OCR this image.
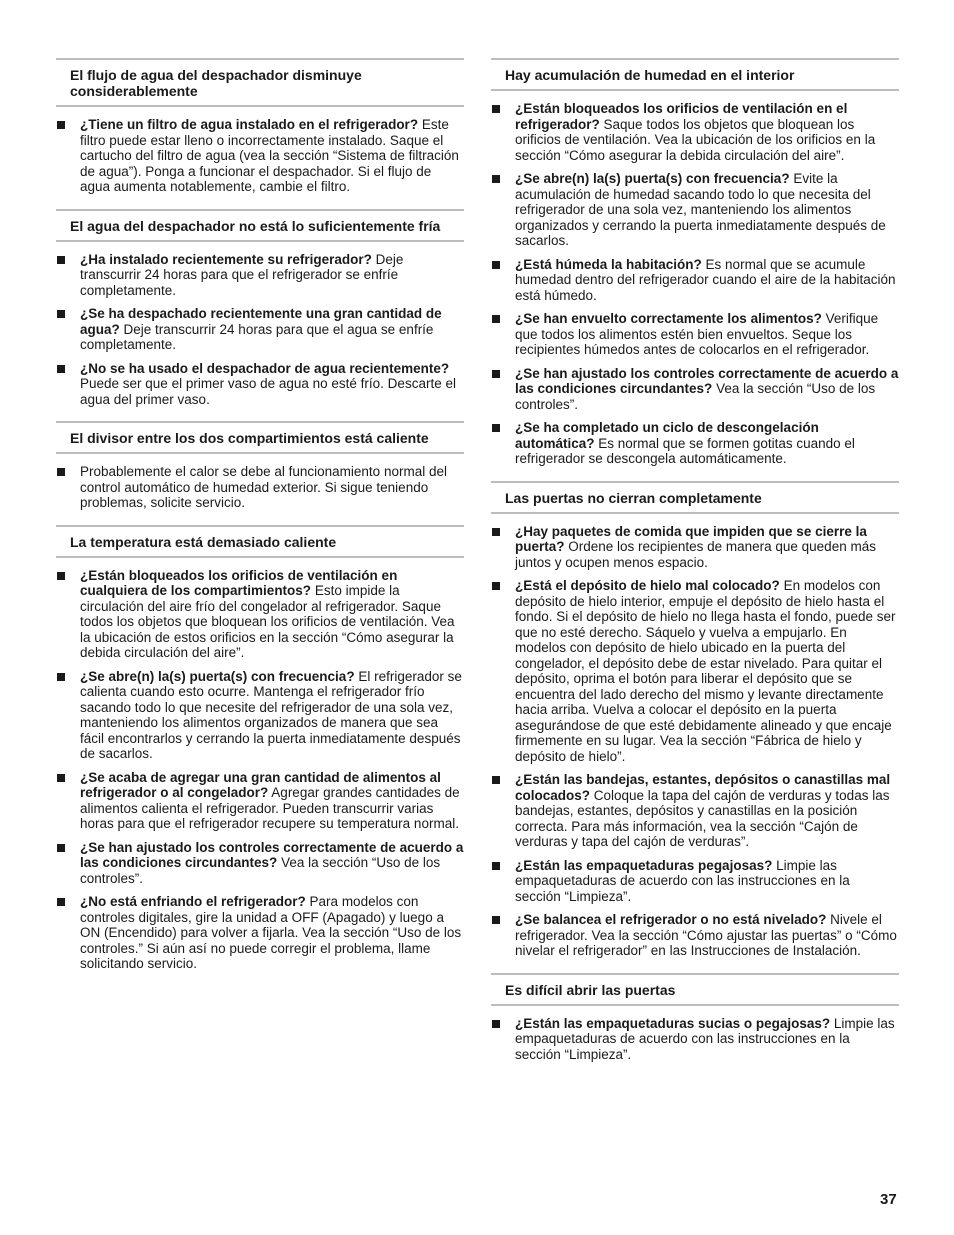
El flujo de agua del despachador disminuye considerablemente
¿Tiene un filtro de agua instalado en el refrigerador? Este filtro puede estar lleno o incorrectamente instalado. Saque el cartucho del filtro de agua (vea la sección “Sistema de filtración de agua”). Ponga a funcionar el despachador. Si el flujo de agua aumenta notablemente, cambie el filtro.
El agua del despachador no está lo suficientemente fría
¿Ha instalado recientemente su refrigerador? Deje transcurrir 24 horas para que el refrigerador se enfríe completamente.
¿Se ha despachado recientemente una gran cantidad de agua? Deje transcurrir 24 horas para que el agua se enfríe completamente.
¿No se ha usado el despachador de agua recientemente? Puede ser que el primer vaso de agua no esté frío. Descarte el agua del primer vaso.
El divisor entre los dos compartimientos está caliente
Probablemente el calor se debe al funcionamiento normal del control automático de humedad exterior. Si sigue teniendo problemas, solicite servicio.
La temperatura está demasiado caliente
¿Están bloqueados los orificios de ventilación en cualquiera de los compartimientos? Esto impide la circulación del aire frío del congelador al refrigerador. Saque todos los objetos que bloquean los orificios de ventilación. Vea la ubicación de estos orificios en la sección “Cómo asegurar la debida circulación del aire”.
¿Se abre(n) la(s) puerta(s) con frecuencia? El refrigerador se calienta cuando esto ocurre. Mantenga el refrigerador frío sacando todo lo que necesite del refrigerador de una sola vez, manteniendo los alimentos organizados de manera que sea fácil encontrarlos y cerrando la puerta inmediatamente después de sacarlos.
¿Se acaba de agregar una gran cantidad de alimentos al refrigerador o al congelador? Agregar grandes cantidades de alimentos calienta el refrigerador. Pueden transcurrir varias horas para que el refrigerador recupere su temperatura normal.
¿Se han ajustado los controles correctamente de acuerdo a las condiciones circundantes? Vea la sección “Uso de los controles”.
¿No está enfriando el refrigerador? Para modelos con controles digitales, gire la unidad a OFF (Apagado) y luego a ON (Encendido) para volver a fijarla. Vea la sección “Uso de los controles.” Si aún así no puede corregir el problema, llame solicitando servicio.
Hay acumulación de humedad en el interior
¿Están bloqueados los orificios de ventilación en el refrigerador? Saque todos los objetos que bloquean los orificios de ventilación. Vea la ubicación de los orificios en la sección “Cómo asegurar la debida circulación del aire”.
¿Se abre(n) la(s) puerta(s) con frecuencia? Evite la acumulación de humedad sacando todo lo que necesita del refrigerador de una sola vez, manteniendo los alimentos organizados y cerrando la puerta inmediatamente después de sacarlos.
¿Está húmeda la habitación? Es normal que se acumule humedad dentro del refrigerador cuando el aire de la habitación está húmedo.
¿Se han envuelto correctamente los alimentos? Verifique que todos los alimentos estén bien envueltos. Seque los recipientes húmedos antes de colocarlos en el refrigerador.
¿Se han ajustado los controles correctamente de acuerdo a las condiciones circundantes? Vea la sección “Uso de los controles”.
¿Se ha completado un ciclo de descongelación automática? Es normal que se formen gotitas cuando el refrigerador se descongela automáticamente.
Las puertas no cierran completamente
¿Hay paquetes de comida que impiden que se cierre la puerta? Ordene los recipientes de manera que queden más juntos y ocupen menos espacio.
¿Está el depósito de hielo mal colocado? En modelos con depósito de hielo interior, empuje el depósito de hielo hasta el fondo. Si el depósito de hielo no llega hasta el fondo, puede ser que no esté derecho. Sáquelo y vuelva a empujarlo. En modelos con depósito de hielo ubicado en la puerta del congelador, el depósito debe de estar nivelado. Para quitar el depósito, oprima el botón para liberar el depósito que se encuentra del lado derecho del mismo y levante directamente hacia arriba. Vuelva a colocar el depósito en la puerta asegurándose de que esté debidamente alineado y que encaje firmemente en su lugar. Vea la sección “Fábrica de hielo y depósito de hielo”.
¿Están las bandejas, estantes, depósitos o canastillas mal colocados? Coloque la tapa del cajón de verduras y todas las bandejas, estantes, depósitos y canastillas en la posición correcta. Para más información, vea la sección “Cajón de verduras y tapa del cajón de verduras”.
¿Están las empaquetaduras pegajosas? Limpie las empaquetaduras de acuerdo con las instrucciones en la sección “Limpieza”.
¿Se balancea el refrigerador o no está nivelado? Nivele el refrigerador. Vea la sección “Cómo ajustar las puertas” o “Cómo nivelar el refrigerador” en las Instrucciones de Instalación.
Es difícil abrir las puertas
¿Están las empaquetaduras sucias o pegajosas? Limpie las empaquetaduras de acuerdo con las instrucciones en la sección “Limpieza”.
37
